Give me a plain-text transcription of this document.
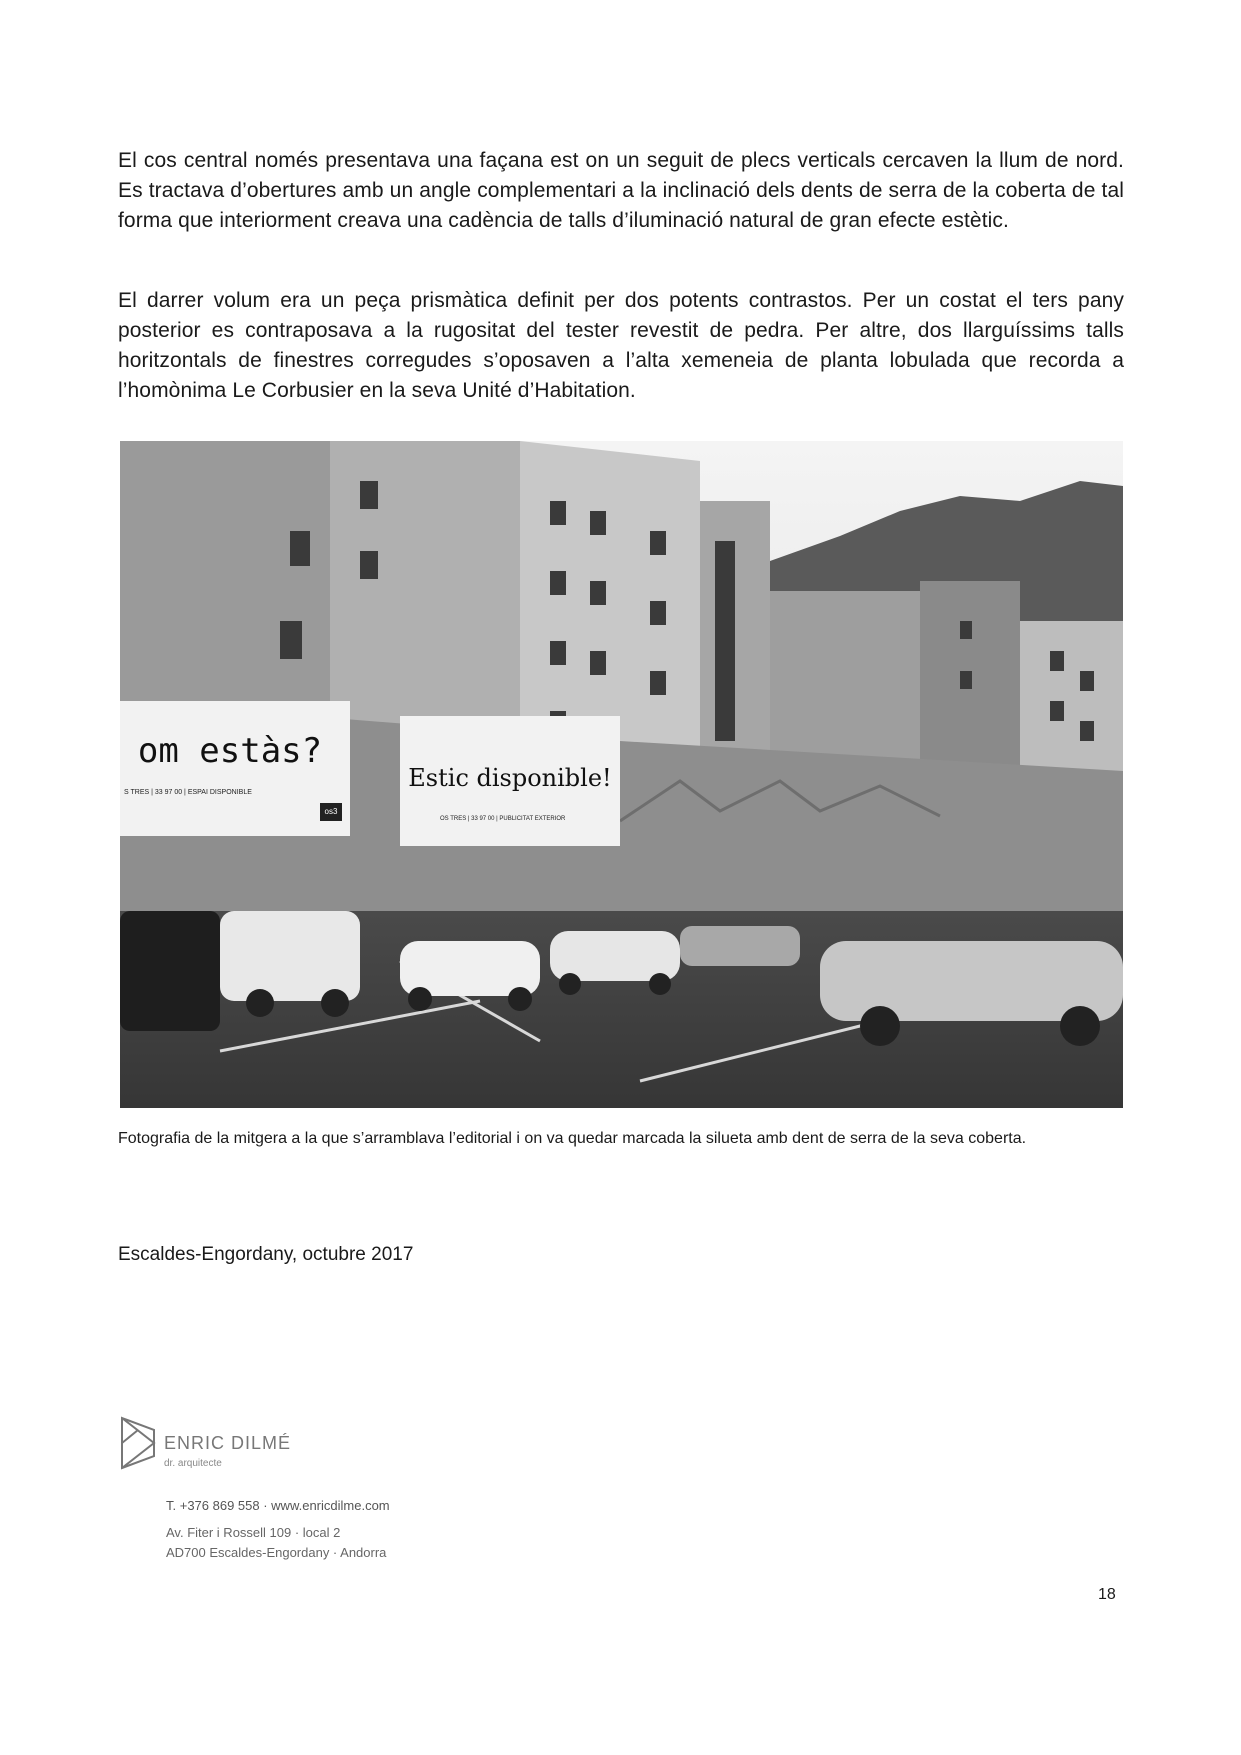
El cos central només presentava una façana est on un seguit de plecs verticals cercaven la llum de nord. Es tractava d’obertures amb un angle complementari a la inclinació dels dents de serra de la coberta de tal forma que interiorment creava una cadència de talls d’iluminació natural de gran efecte estètic.

El darrer volum era un peça prismàtica definit per dos potents contrastos. Per un costat el ters pany posterior es contraposava a la rugositat del tester revestit de pedra. Per altre, dos llarguíssims talls horitzontals de finestres corregudes s’oposaven a l’alta xemeneia de planta lobulada que recorda a l’homònima Le Corbusier en la seva Unité d’Habitation.

om estàs?
S TRES | 33 97 00 | ESPAI DISPONIBLE
Estic disponible!
OS TRES | 33 97 00 | PUBLICITAT EXTERIOR
os3
Fotografia de la mitgera a la que s’arramblava l’editorial i on va quedar marcada la silueta amb dent de serra de la seva coberta.
Escaldes-Engordany, octubre 2017
ENRIC DILMÉ
dr. arquitecte
T. +376 869 558 · www.enricdilme.com
Av. Fiter i Rossell 109 · local 2
AD700 Escaldes-Engordany · Andorra
18
